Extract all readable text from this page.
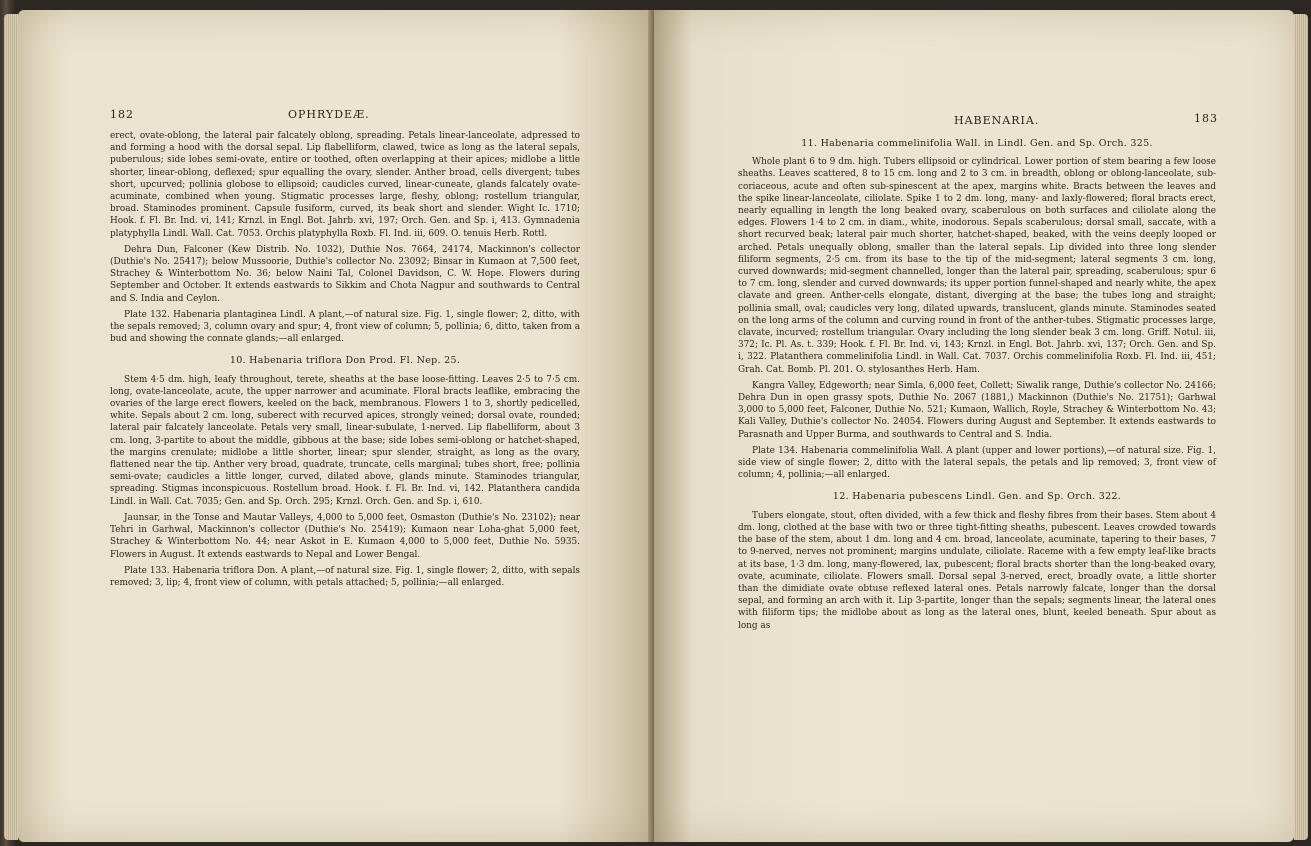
182	OPHRYDEÆ.

erect, ovate-oblong, the lateral pair falcately oblong, spreading. Petals linear-lanceolate, adpressed to and forming a hood with the dorsal sepal. Lip flabelliform, clawed, twice as long as the lateral sepals, puberulous; side lobes semi-ovate, entire or toothed, often overlapping at their apices; midlobe a little shorter, linear-oblong, deflexed; spur equalling the ovary, slender. Anther broad, cells divergent; tubes short, upcurved; pollinia globose to ellipsoid; caudicles curved, linear-cuneate, glands falcately ovate-acuminate, combined when young. Stigmatic processes large, fleshy, oblong; rostellum triangular, broad. Staminodes prominent. Capsule fusiform, curved, its beak short and slender. Wight Ic. 1710; Hook. f. Fl. Br. Ind. vi, 141; Krnzl. in Engl. Bot. Jahrb. xvi, 197; Orch. Gen. and Sp. i, 413. Gymnadenia platyphylla Lindl. Wall. Cat. 7053. Orchis platyphylla Roxb. Fl. Ind. iii, 609. O. tenuis Herb. Rottl.

Dehra Dun, Falconer (Kew Distrib. No. 1032), Duthie Nos. 7664, 24174, Mackinnon's collector (Duthie's No. 25417); below Mussoorie, Duthie's collector No. 23092; Binsar in Kumaon at 7,500 feet, Strachey & Winterbottom No. 36; below Naini Tal, Colonel Davidson, C. W. Hope. Flowers during September and October. It extends eastwards to Sikkim and Chota Nagpur and southwards to Central and S. India and Ceylon.

Plate 132. Habenaria plantaginea Lindl. A plant,—of natural size. Fig. 1, single flower; 2, ditto, with the sepals removed; 3, column ovary and spur; 4, front view of column; 5, pollinia; 6, ditto, taken from a bud and showing the connate glands;—all enlarged.

10. Habenaria triflora Don Prod. Fl. Nep. 25.

Stem 4·5 dm. high, leafy throughout, terete, sheaths at the base loose-fitting. Leaves 2·5 to 7·5 cm. long, ovate-lanceolate, acute, the upper narrower and acuminate. Floral bracts leaflike, embracing the ovaries of the large erect flowers, keeled on the back, membranous. Flowers 1 to 3, shortly pedicelled, white. Sepals about 2 cm. long, suberect with recurved apices, strongly veined; dorsal ovate, rounded; lateral pair falcately lanceolate. Petals very small, linear-subulate, 1-nerved. Lip flabelliform, about 3 cm. long, 3-partite to about the middle, gibbous at the base; side lobes semi-oblong or hatchet-shaped, the margins crenulate; midlobe a little shorter, linear; spur slender, straight, as long as the ovary, flattened near the tip. Anther very broad, quadrate, truncate, cells marginal; tubes short, free; pollinia semi-ovate; caudicles a little longer, curved, dilated above, glands minute. Staminodes triangular, spreading. Stigmas inconspicuous. Rostellum broad. Hook. f. Fl. Br. Ind. vi, 142. Platanthera candida Lindl. in Wall. Cat. 7035; Gen. and Sp. Orch. 295; Krnzl. Orch. Gen. and Sp. i, 610.

Jaunsar, in the Tonse and Mautar Valleys, 4,000 to 5,000 feet, Osmaston (Duthie's No. 23102); near Tehri in Garhwal, Mackinnon's collector (Duthie's No. 25419); Kumaon near Loha-ghat 5,000 feet, Strachey & Winterbottom No. 44; near Askot in E. Kumaon 4,000 to 5,000 feet, Duthie No. 5935. Flowers in August. It extends eastwards to Nepal and Lower Bengal.

Plate 133. Habenaria triflora Don. A plant,—of natural size. Fig. 1, single flower; 2, ditto, with sepals removed; 3, lip; 4, front view of column, with petals attached; 5, pollinia;—all enlarged.

HABENARIA.	183
11. Habenaria commelinifolia Wall. in Lindl. Gen. and Sp. Orch. 325.

Whole plant 6 to 9 dm. high. Tubers ellipsoid or cylindrical. Lower portion of stem bearing a few loose sheaths. Leaves scattered, 8 to 15 cm. long and 2 to 3 cm. in breadth, oblong or oblong-lanceolate, sub-coriaceous, acute and often sub-spinescent at the apex, margins white. Bracts between the leaves and the spike linear-lanceolate, ciliolate. Spike 1 to 2 dm. long, many- and laxly-flowered; floral bracts erect, nearly equalling in length the long beaked ovary, scaberulous on both surfaces and ciliolate along the edges. Flowers 1·4 to 2 cm. in diam., white, inodorous. Sepals scaberulous; dorsal small, saccate, with a short recurved beak; lateral pair much shorter, hatchet-shaped, beaked, with the veins deeply looped or arched. Petals unequally oblong, smaller than the lateral sepals. Lip divided into three long slender filiform segments, 2·5 cm. from its base to the tip of the mid-segment; lateral segments 3 cm. long, curved downwards; mid-segment channelled, longer than the lateral pair, spreading, scaberulous; spur 6 to 7 cm. long, slender and curved downwards; its upper portion funnel-shaped and nearly white, the apex clavate and green. Anther-cells elongate, distant, diverging at the base; the tubes long and straight; pollinia small, oval; caudicles very long, dilated upwards, translucent, glands minute. Staminodes seated on the long arms of the column and curving round in front of the anther-tubes. Stigmatic processes large, clavate, incurved; rostellum triangular. Ovary including the long slender beak 3 cm. long. Griff. Notul. iii, 372; Ic. Pl. As. t. 339; Hook. f. Fl. Br. Ind. vi, 143; Krnzl. in Engl. Bot. Jahrb. xvi, 137; Orch. Gen. and Sp. i, 322. Platanthera commelinifolia Lindl. in Wall. Cat. 7037. Orchis commelinifolia Roxb. Fl. Ind. iii, 451; Grah. Cat. Bomb. Pl. 201. O. stylosanthes Herb. Ham.

Kangra Valley, Edgeworth; near Simla, 6,000 feet, Collett; Siwalik range, Duthie's collector No. 24166; Dehra Dun in open grassy spots, Duthie No. 2067 (1881,) Mackinnon (Duthie's No. 21751); Garhwal 3,000 to 5,000 feet, Falconer, Duthie No. 521; Kumaon, Wallich, Royle, Strachey & Winterbottom No. 43; Kali Valley, Duthie's collector No. 24054. Flowers during August and September. It extends eastwards to Parasnath and Upper Burma, and southwards to Central and S. India.

Plate 134. Habenaria commelinifolia Wall. A plant (upper and lower portions),—of natural size. Fig. 1, side view of single flower; 2, ditto with the lateral sepals, the petals and lip removed; 3, front view of column; 4, pollinia;—all enlarged.

12. Habenaria pubescens Lindl. Gen. and Sp. Orch. 322.

Tubers elongate, stout, often divided, with a few thick and fleshy fibres from their bases. Stem about 4 dm. long, clothed at the base with two or three tight-fitting sheaths, pubescent. Leaves crowded towards the base of the stem, about 1 dm. long and 4 cm. broad, lanceolate, acuminate, tapering to their bases, 7 to 9-nerved, nerves not prominent; margins undulate, ciliolate. Raceme with a few empty leaf-like bracts at its base, 1·3 dm. long, many-flowered, lax, pubescent; floral bracts shorter than the long-beaked ovary, ovate, acuminate, ciliolate. Flowers small. Dorsal sepal 3-nerved, erect, broadly ovate, a little shorter than the dimidiate ovate obtuse reflexed lateral ones. Petals narrowly falcate, longer than the dorsal sepal, and forming an arch with it. Lip 3-partite, longer than the sepals; segments linear, the lateral ones with filiform tips; the midlobe about as long as the lateral ones, blunt, keeled beneath. Spur about as long as
